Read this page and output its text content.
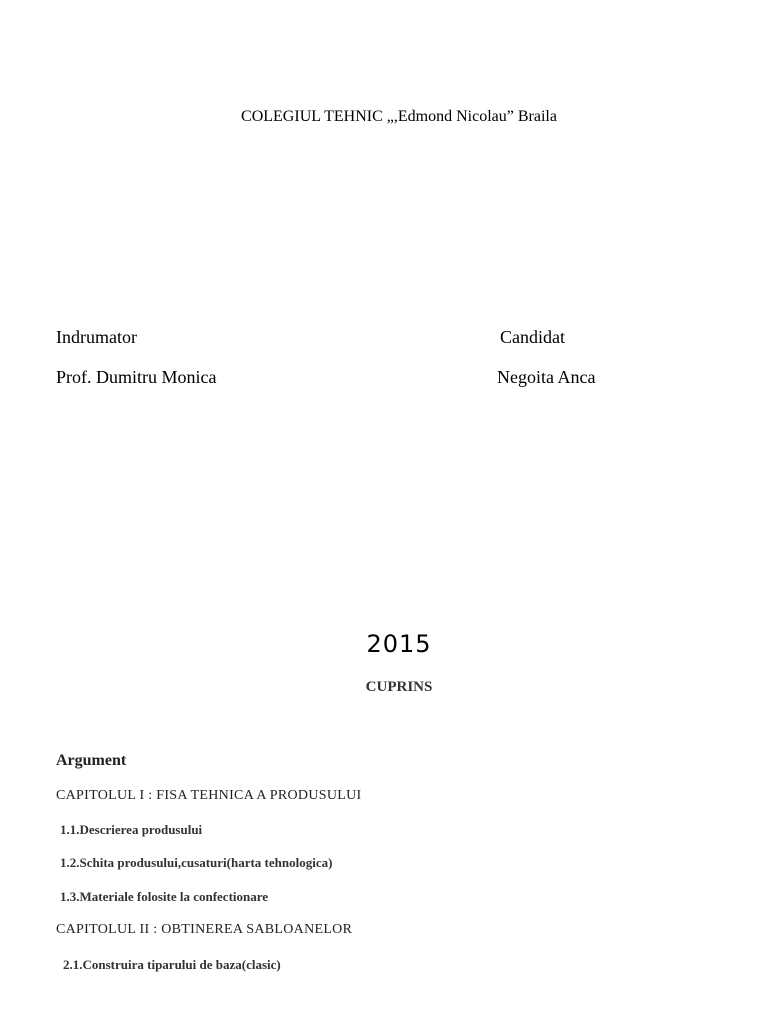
COLEGIUL TEHNIC „,Edmond Nicolau” Braila
Indrumator	Candidat
Prof. Dumitru Monica	Negoita Anca
2015
CUPRINS
Argument
CAPITOLUL I : FISA TEHNICA A PRODUSULUI
1.1.Descrierea produsului
1.2.Schita produsului,cusaturi(harta tehnologica)
1.3.Materiale folosite la confectionare
CAPITOLUL II : OBTINEREA SABLOANELOR
2.1.Construira tiparului de baza(clasic)
